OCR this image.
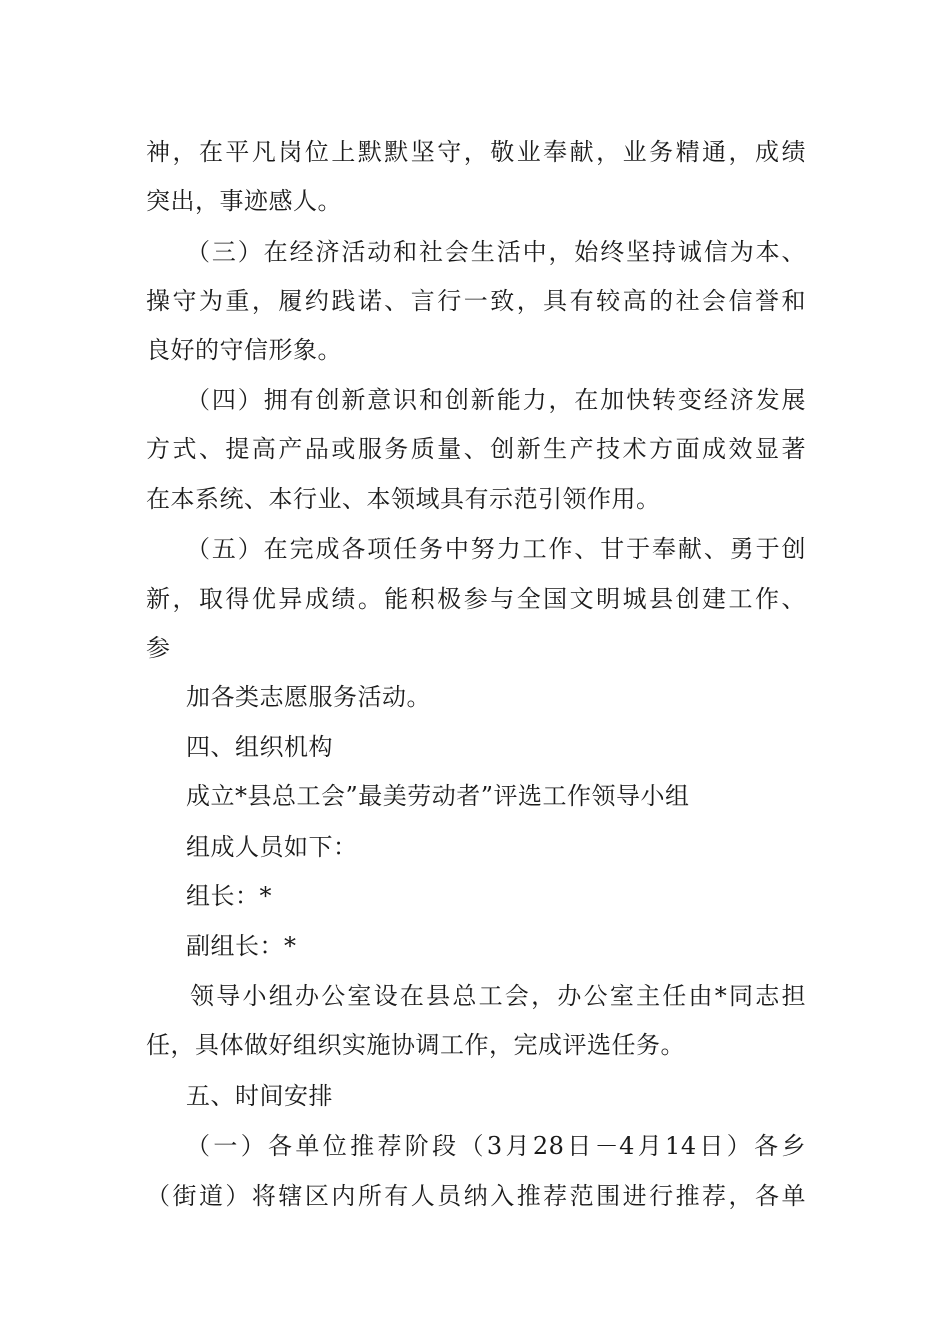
神，在平凡岗位上默默坚守，敬业奉献，业务精通，成绩
突出，事迹感人。
（三）在经济活动和社会生活中，始终坚持诚信为本、
操守为重，履约践诺、言行一致，具有较高的社会信誉和
良好的守信形象。
（四）拥有创新意识和创新能力，在加快转变经济发展
方式、提高产品或服务质量、创新生产技术方面成效显著
在本系统、本行业、本领域具有示范引领作用。
（五）在完成各项任务中努力工作、甘于奉献、勇于创
新，取得优异成绩。能积极参与全国文明城县创建工作、
参
加各类志愿服务活动。
四、组织机构
成立*县总工会”最美劳动者”评选工作领导小组
组成人员如下：
组长：*
副组长：*
领导小组办公室设在县总工会，办公室主任由*同志担
任，具体做好组织实施协调工作，完成评选任务。
五、时间安排
（一）各单位推荐阶段（3月28日－4月14日）各乡
（街道）将辖区内所有人员纳入推荐范围进行推荐，各单
